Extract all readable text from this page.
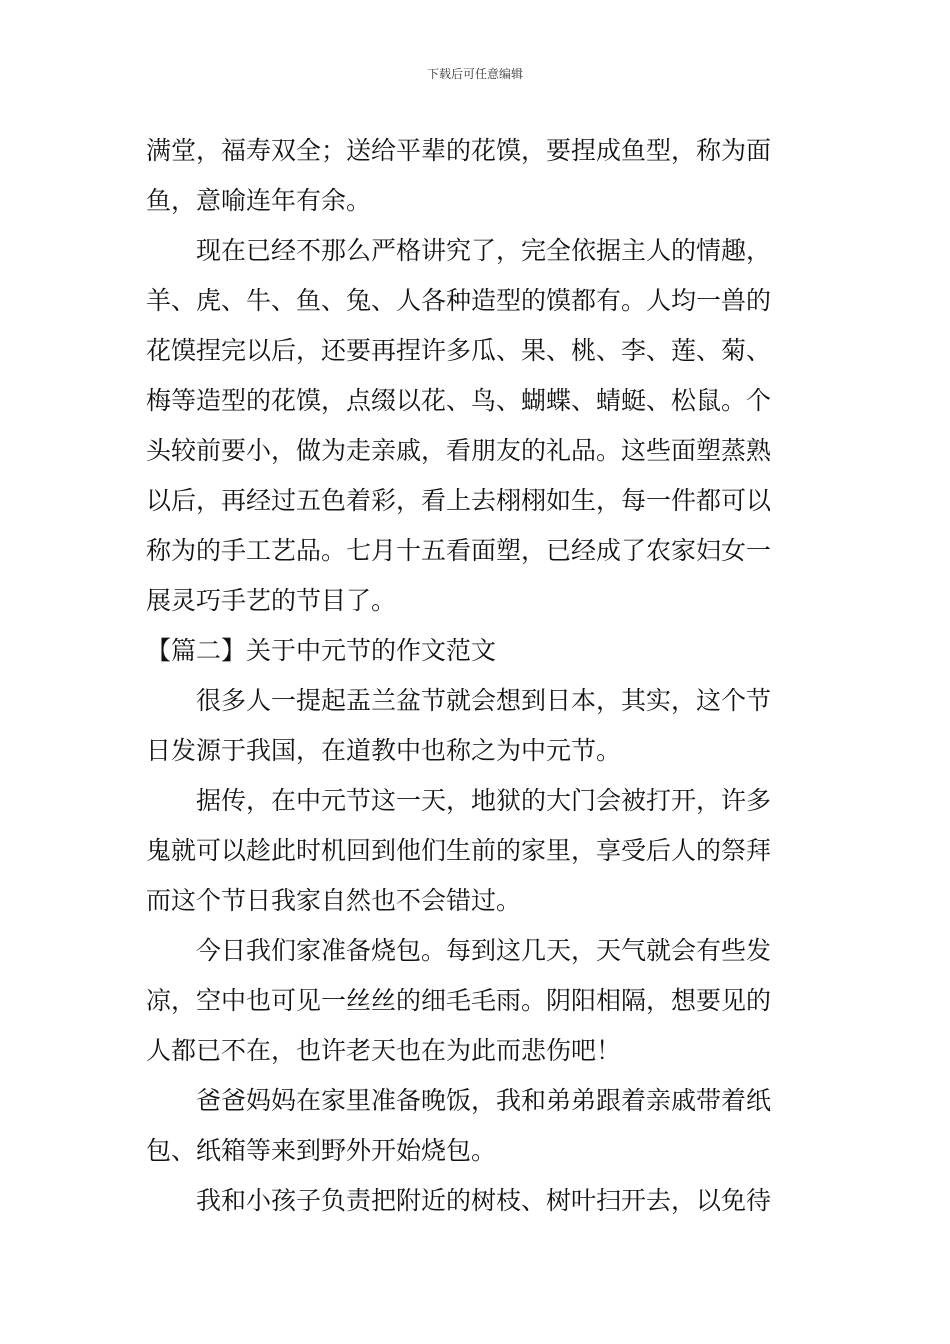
下载后可任意编辑
满堂，福寿双全；送给平辈的花馍，要捏成鱼型，称为面
鱼，意喻连年有余。
现在已经不那么严格讲究了，完全依据主人的情趣，
羊、虎、牛、鱼、兔、人各种造型的馍都有。人均一兽的
花馍捏完以后，还要再捏许多瓜、果、桃、李、莲、菊、
梅等造型的花馍，点缀以花、鸟、蝴蝶、蜻蜓、松鼠。个
头较前要小，做为走亲戚，看朋友的礼品。这些面塑蒸熟
以后，再经过五色着彩，看上去栩栩如生，每一件都可以
称为的手工艺品。七月十五看面塑，已经成了农家妇女一
展灵巧手艺的节目了。
【篇二】关于中元节的作文范文
很多人一提起盂兰盆节就会想到日本，其实，这个节
日发源于我国，在道教中也称之为中元节。
据传，在中元节这一天，地狱的大门会被打开，许多
鬼就可以趁此时机回到他们生前的家里，享受后人的祭拜
而这个节日我家自然也不会错过。
今日我们家准备烧包。每到这几天，天气就会有些发
凉，空中也可见一丝丝的细毛毛雨。阴阳相隔，想要见的
人都已不在，也许老天也在为此而悲伤吧！
爸爸妈妈在家里准备晚饭，我和弟弟跟着亲戚带着纸
包、纸箱等来到野外开始烧包。
我和小孩子负责把附近的树枝、树叶扫开去，以免待
